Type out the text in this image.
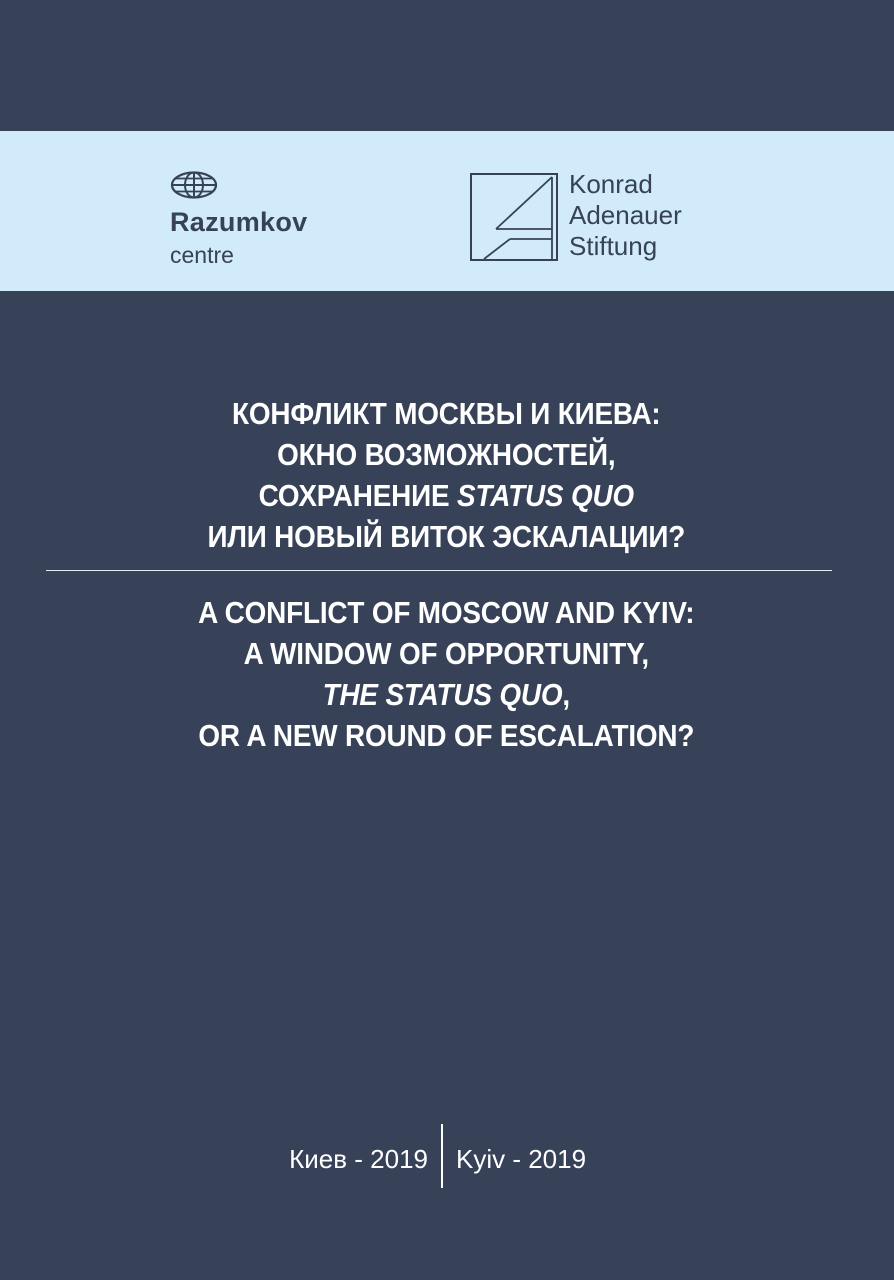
Razumkov
centre
Konrad
Adenauer
Stiftung
КОНФЛИКТ МОСКВЫ И КИЕВА:
ОКНО ВОЗМОЖНОСТЕЙ,
СОХРАНЕНИЕ STATUS QUO
ИЛИ НОВЫЙ ВИТОК ЭСКАЛАЦИИ?
A CONFLICT OF MOSCOW AND KYIV:
A WINDOW OF OPPORTUNITY,
THE STATUS QUO,
OR A NEW ROUND OF ESCALATION?
Киев - 2019 Kyiv - 2019
